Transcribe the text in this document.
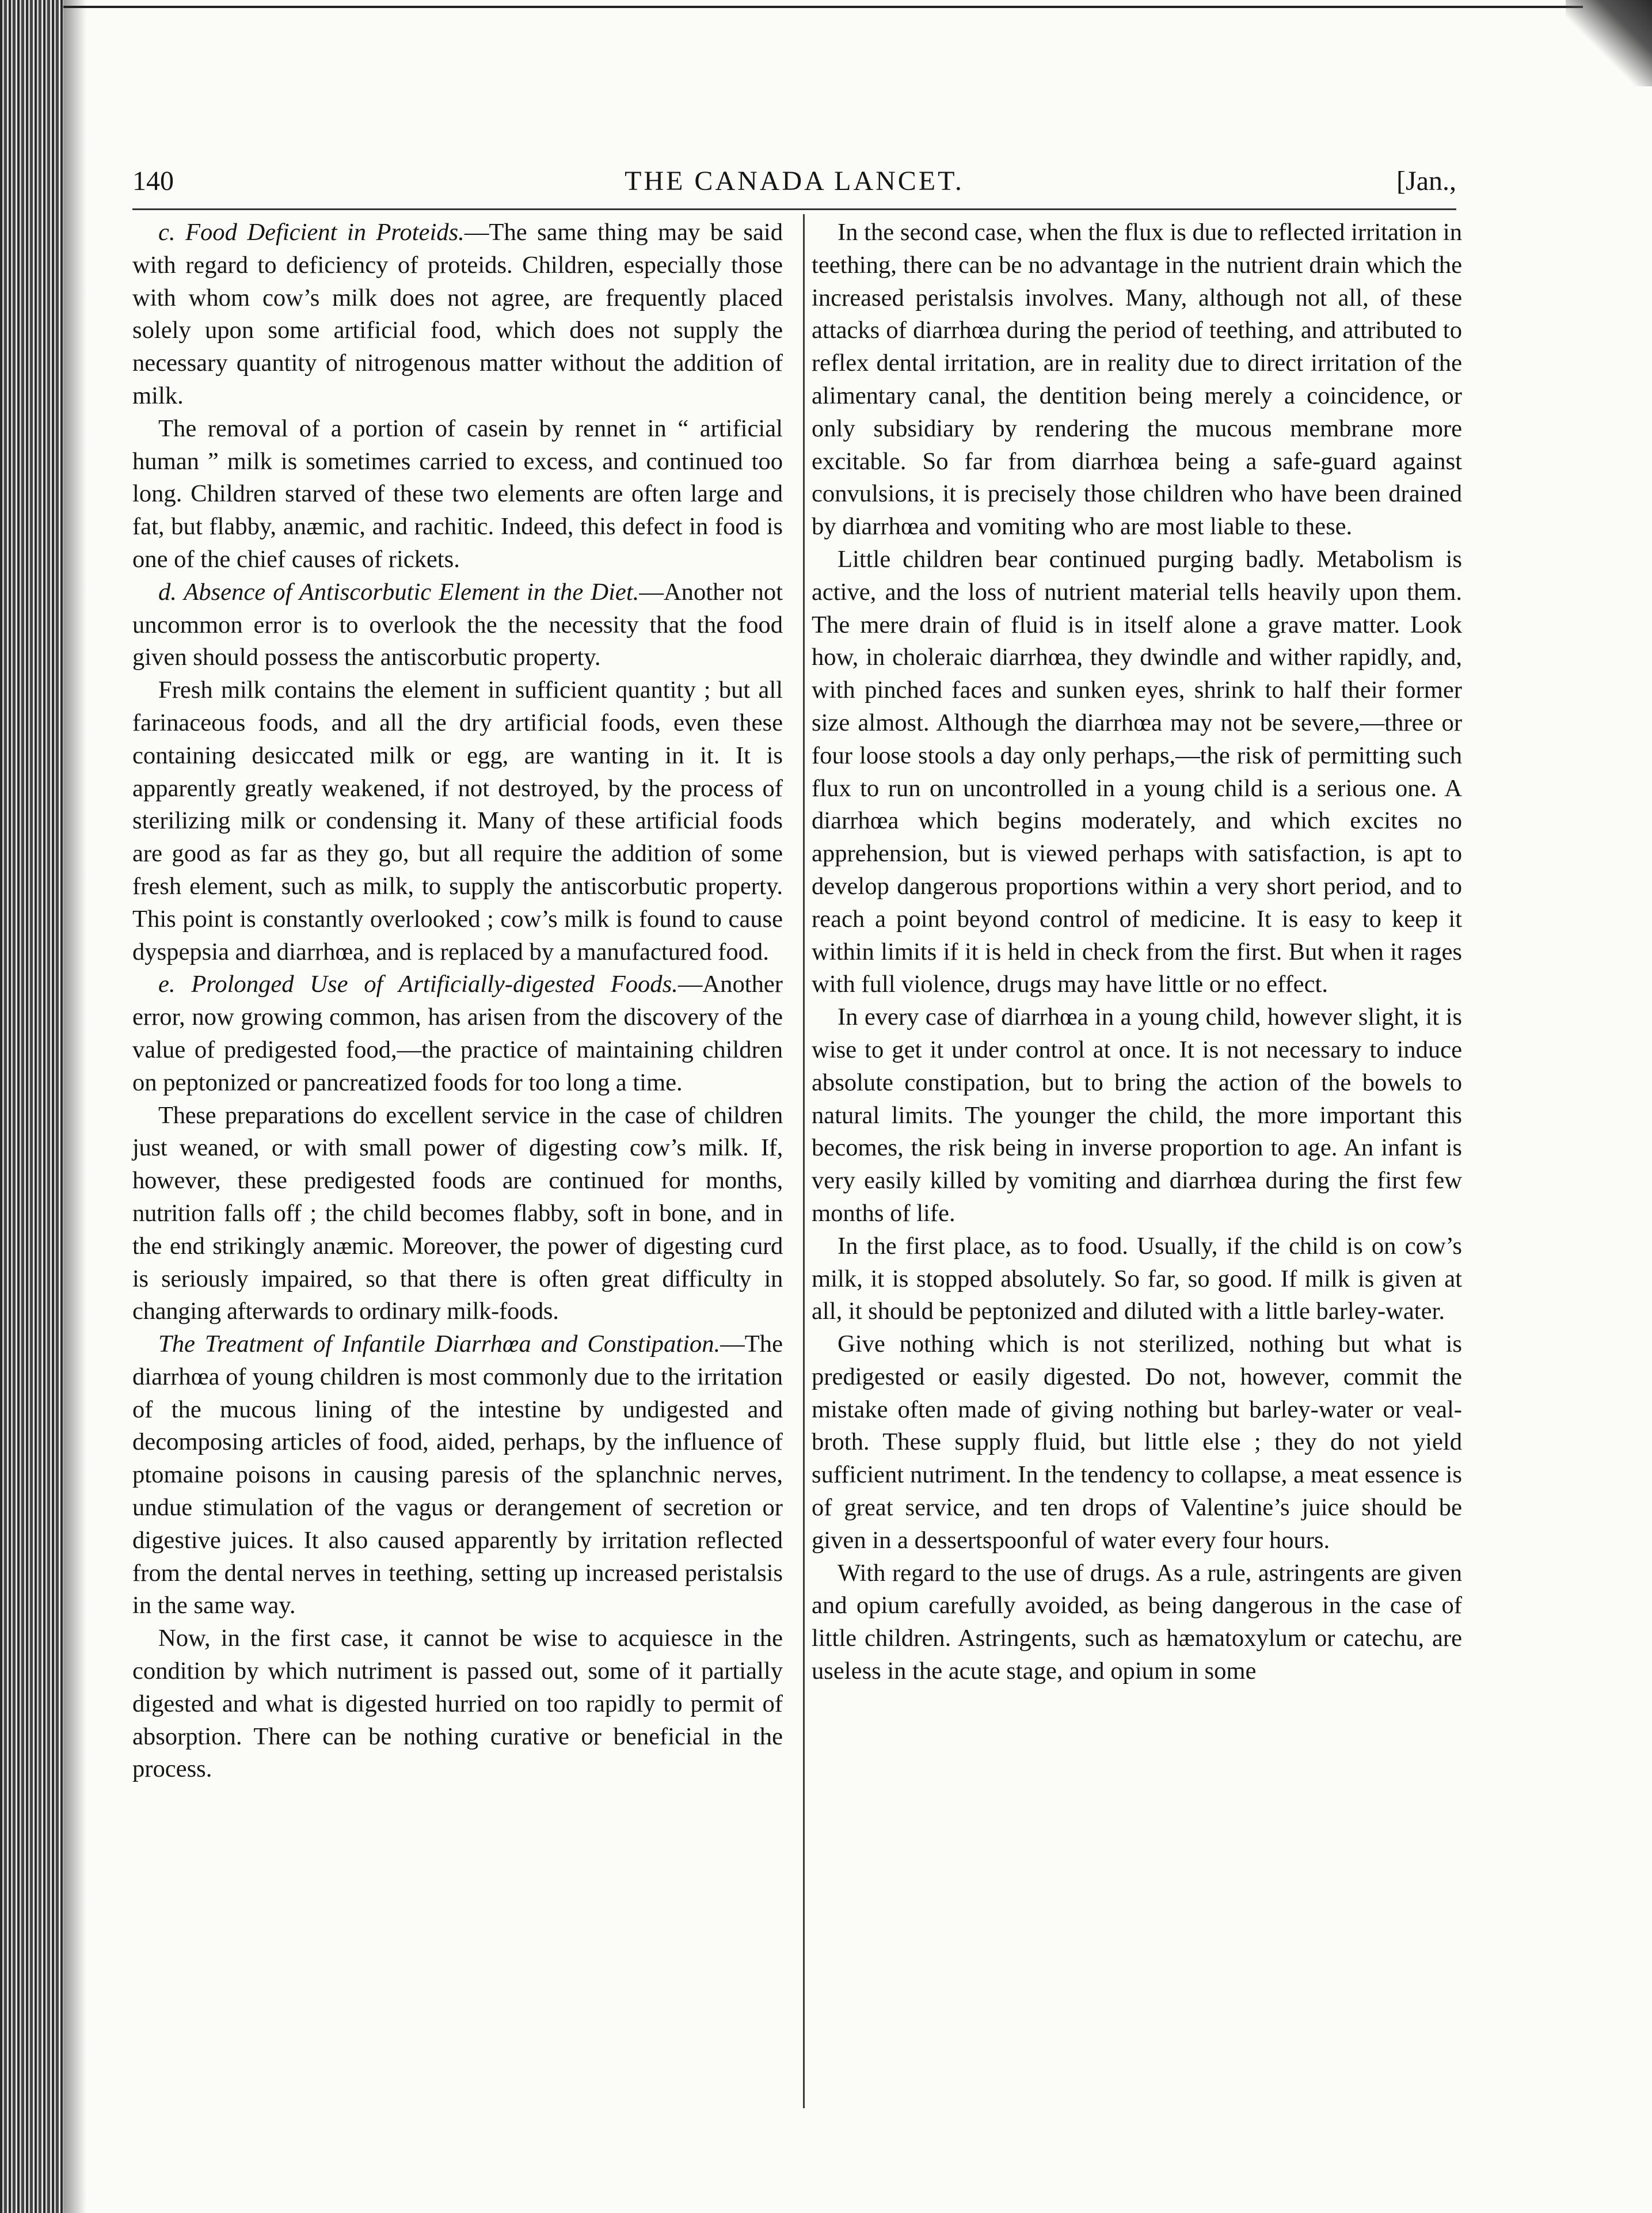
140	THE CANADA LANCET.	[Jan.,

c. Food Deficient in Proteids.—The same thing may be said with regard to deficiency of proteids. Children, especially those with whom cow’s milk does not agree, are frequently placed solely upon some artificial food, which does not supply the necessary quantity of nitrogenous matter without the addition of milk.

The removal of a portion of casein by rennet in “ artificial human ” milk is sometimes carried to excess, and continued too long. Children starved of these two elements are often large and fat, but flabby, anæmic, and rachitic. Indeed, this defect in food is one of the chief causes of rickets.

d. Absence of Antiscorbutic Element in the Diet.—Another not uncommon error is to overlook the the necessity that the food given should possess the antiscorbutic property.

Fresh milk contains the element in sufficient quantity ; but all farinaceous foods, and all the dry artificial foods, even these containing desiccated milk or egg, are wanting in it. It is apparently greatly weakened, if not destroyed, by the process of sterilizing milk or condensing it. Many of these artificial foods are good as far as they go, but all require the addition of some fresh element, such as milk, to supply the antiscorbutic property. This point is constantly overlooked ; cow’s milk is found to cause dyspepsia and diarrhœa, and is replaced by a manufactured food.

e. Prolonged Use of Artificially-digested Foods.—Another error, now growing common, has arisen from the discovery of the value of predigested food,—the practice of maintaining children on peptonized or pancreatized foods for too long a time.

These preparations do excellent service in the case of children just weaned, or with small power of digesting cow’s milk. If, however, these predigested foods are continued for months, nutrition falls off ; the child becomes flabby, soft in bone, and in the end strikingly anæmic. Moreover, the power of digesting curd is seriously impaired, so that there is often great difficulty in changing afterwards to ordinary milk-foods.

The Treatment of Infantile Diarrhœa and Constipation.—The diarrhœa of young children is most commonly due to the irritation of the mucous lining of the intestine by undigested and decomposing articles of food, aided, perhaps, by the influence of ptomaine poisons in causing paresis of the splanchnic nerves, undue stimulation of the vagus or derangement of secretion or digestive juices. It also caused apparently by irritation reflected from the dental nerves in teething, setting up increased peristalsis in the same way.

Now, in the first case, it cannot be wise to acquiesce in the condition by which nutriment is passed out, some of it partially digested and what is digested hurried on too rapidly to permit of absorption. There can be nothing curative or beneficial in the process.

In the second case, when the flux is due to reflected irritation in teething, there can be no advantage in the nutrient drain which the increased peristalsis involves. Many, although not all, of these attacks of diarrhœa during the period of teething, and attributed to reflex dental irritation, are in reality due to direct irritation of the alimentary canal, the dentition being merely a coincidence, or only subsidiary by rendering the mucous membrane more excitable. So far from diarrhœa being a safe-guard against convulsions, it is precisely those children who have been drained by diarrhœa and vomiting who are most liable to these.

Little children bear continued purging badly. Metabolism is active, and the loss of nutrient material tells heavily upon them. The mere drain of fluid is in itself alone a grave matter. Look how, in choleraic diarrhœa, they dwindle and wither rapidly, and, with pinched faces and sunken eyes, shrink to half their former size almost. Although the diarrhœa may not be severe,—three or four loose stools a day only perhaps,—the risk of permitting such flux to run on uncontrolled in a young child is a serious one. A diarrhœa which begins moderately, and which excites no apprehension, but is viewed perhaps with satisfaction, is apt to develop dangerous proportions within a very short period, and to reach a point beyond control of medicine. It is easy to keep it within limits if it is held in check from the first. But when it rages with full violence, drugs may have little or no effect.

In every case of diarrhœa in a young child, however slight, it is wise to get it under control at once. It is not necessary to induce absolute constipation, but to bring the action of the bowels to natural limits. The younger the child, the more important this becomes, the risk being in inverse proportion to age. An infant is very easily killed by vomiting and diarrhœa during the first few months of life.

In the first place, as to food. Usually, if the child is on cow’s milk, it is stopped absolutely. So far, so good. If milk is given at all, it should be peptonized and diluted with a little barley-water.

Give nothing which is not sterilized, nothing but what is predigested or easily digested. Do not, however, commit the mistake often made of giving nothing but barley-water or veal-broth. These supply fluid, but little else ; they do not yield sufficient nutriment. In the tendency to collapse, a meat essence is of great service, and ten drops of Valentine’s juice should be given in a dessertspoonful of water every four hours.

With regard to the use of drugs. As a rule, astringents are given and opium carefully avoided, as being dangerous in the case of little children. Astringents, such as hæmatoxylum or catechu, are useless in the acute stage, and opium in some
